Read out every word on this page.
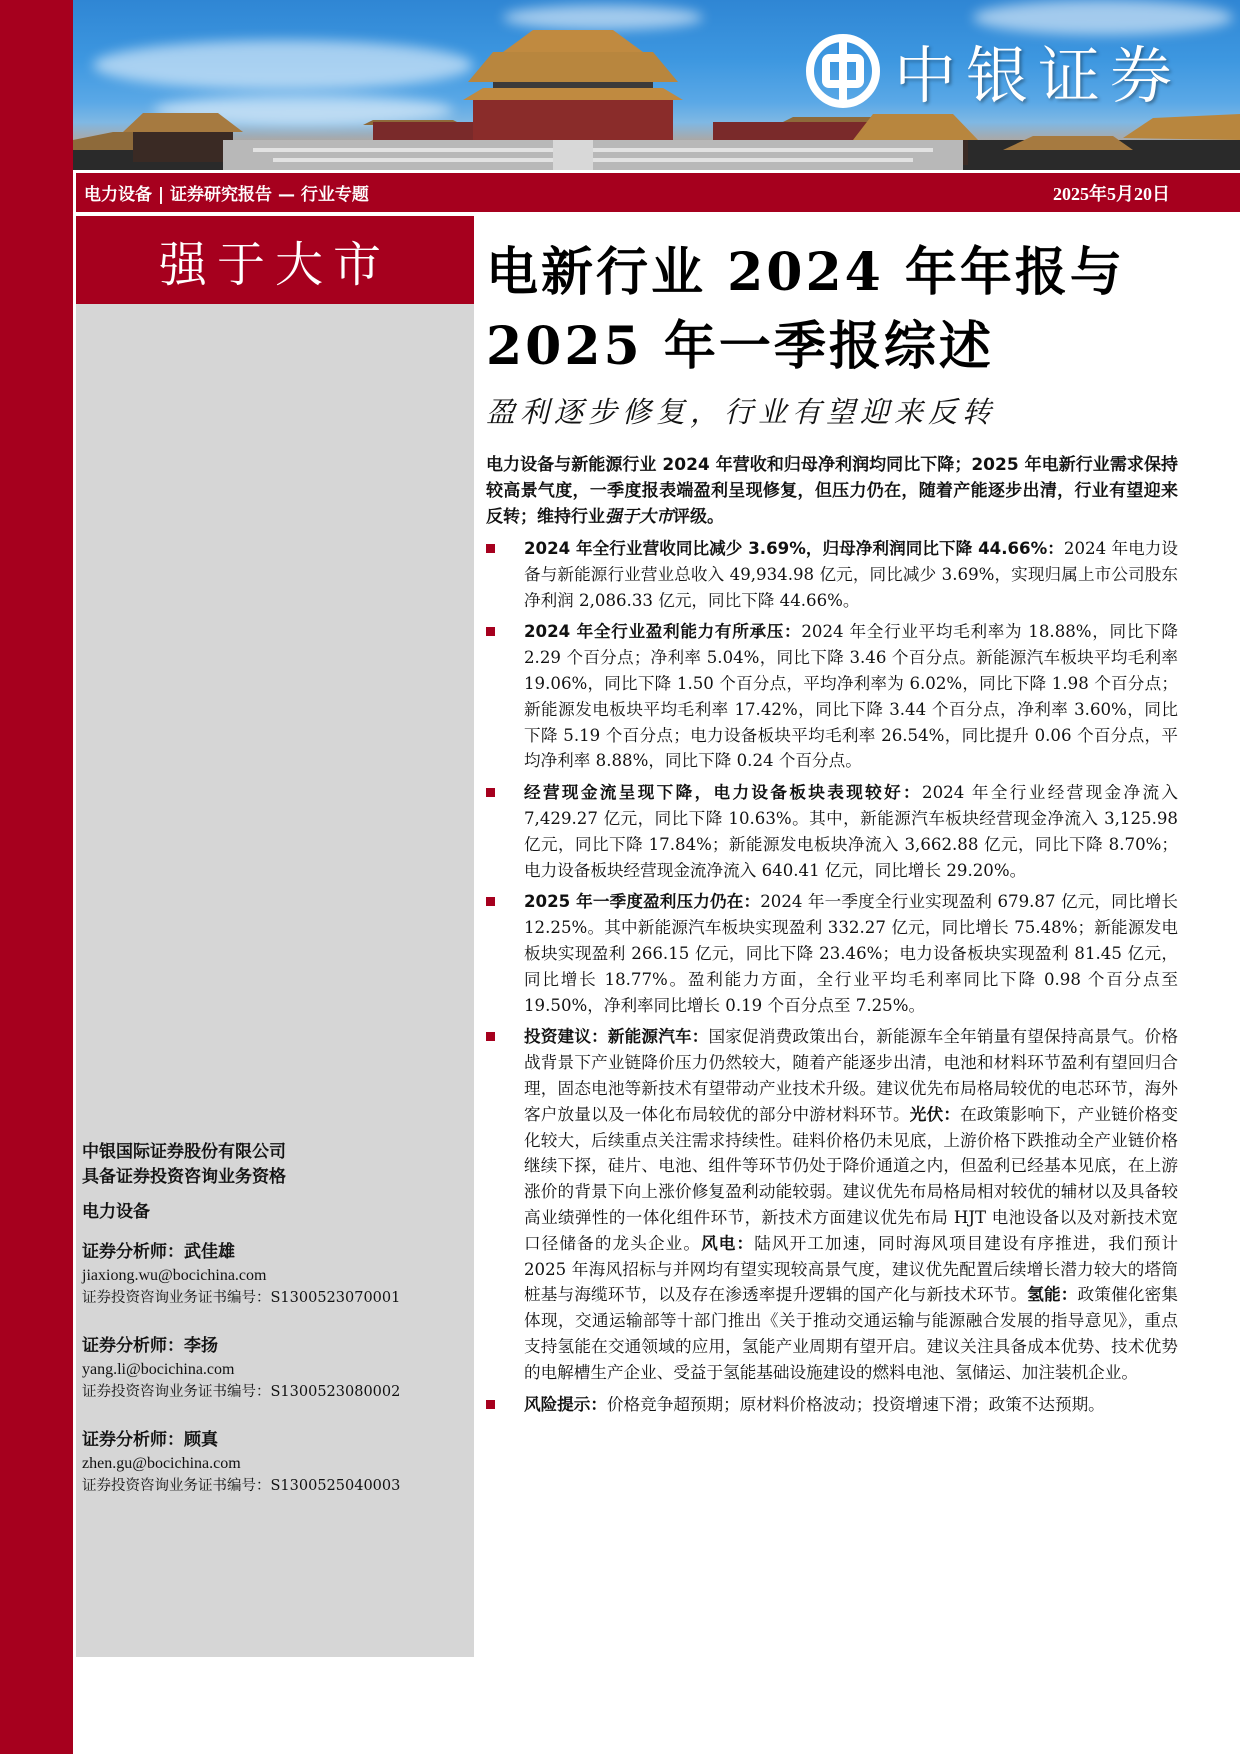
中银证券
电力设备 | 证券研究报告 — 行业专题	2025年5月20日
强于大市
中银国际证券股份有限公司
具备证券投资咨询业务资格
电力设备
证券分析师：武佳雄
jiaxiong.wu@bocichina.com
证券投资咨询业务证书编号：S1300523070001
证券分析师：李扬
yang.li@bocichina.com
证券投资咨询业务证书编号：S1300523080002
证券分析师：顾真
zhen.gu@bocichina.com
证券投资咨询业务证书编号：S1300525040003
电新行业 2024 年年报与
2025 年一季报综述
盈利逐步修复，行业有望迎来反转
电力设备与新能源行业 2024 年营收和归母净利润均同比下降；2025 年电新行业需求保持较高景气度，一季度报表端盈利呈现修复，但压力仍在，随着产能逐步出清，行业有望迎来反转；维持行业强于大市评级。
2024 年全行业营收同比减少 3.69%，归母净利润同比下降 44.66%：2024 年电力设备与新能源行业营业总收入 49,934.98 亿元，同比减少 3.69%，实现归属上市公司股东净利润 2,086.33 亿元，同比下降 44.66%。
2024 年全行业盈利能力有所承压：2024 年全行业平均毛利率为 18.88%，同比下降 2.29 个百分点；净利率 5.04%，同比下降 3.46 个百分点。新能源汽车板块平均毛利率 19.06%，同比下降 1.50 个百分点，平均净利率为 6.02%，同比下降 1.98 个百分点；新能源发电板块平均毛利率 17.42%，同比下降 3.44 个百分点，净利率 3.60%，同比下降 5.19 个百分点；电力设备板块平均毛利率 26.54%，同比提升 0.06 个百分点，平均净利率 8.88%，同比下降 0.24 个百分点。
经营现金流呈现下降，电力设备板块表现较好：2024 年全行业经营现金净流入 7,429.27 亿元，同比下降 10.63%。其中，新能源汽车板块经营现金净流入 3,125.98 亿元，同比下降 17.84%；新能源发电板块净流入 3,662.88 亿元，同比下降 8.70%；电力设备板块经营现金流净流入 640.41 亿元，同比增长 29.20%。
2025 年一季度盈利压力仍在：2024 年一季度全行业实现盈利 679.87 亿元，同比增长 12.25%。其中新能源汽车板块实现盈利 332.27 亿元，同比增长 75.48%；新能源发电板块实现盈利 266.15 亿元，同比下降 23.46%；电力设备板块实现盈利 81.45 亿元，同比增长 18.77%。盈利能力方面，全行业平均毛利率同比下降 0.98 个百分点至 19.50%，净利率同比增长 0.19 个百分点至 7.25%。
投资建议：新能源汽车：国家促消费政策出台，新能源车全年销量有望保持高景气。价格战背景下产业链降价压力仍然较大，随着产能逐步出清，电池和材料环节盈利有望回归合理，固态电池等新技术有望带动产业技术升级。建议优先布局格局较优的电芯环节，海外客户放量以及一体化布局较优的部分中游材料环节。光伏：在政策影响下，产业链价格变化较大，后续重点关注需求持续性。硅料价格仍未见底，上游价格下跌推动全产业链价格继续下探，硅片、电池、组件等环节仍处于降价通道之内，但盈利已经基本见底，在上游涨价的背景下向上涨价修复盈利动能较弱。建议优先布局格局相对较优的辅材以及具备较高业绩弹性的一体化组件环节，新技术方面建议优先布局 HJT 电池设备以及对新技术宽口径储备的龙头企业。风电：陆风开工加速，同时海风项目建设有序推进，我们预计 2025 年海风招标与并网均有望实现较高景气度，建议优先配置后续增长潜力较大的塔筒桩基与海缆环节，以及存在渗透率提升逻辑的国产化与新技术环节。氢能：政策催化密集体现，交通运输部等十部门推出《关于推动交通运输与能源融合发展的指导意见》，重点支持氢能在交通领域的应用，氢能产业周期有望开启。建议关注具备成本优势、技术优势的电解槽生产企业、受益于氢能基础设施建设的燃料电池、氢储运、加注装机企业。
风险提示：价格竞争超预期；原材料价格波动；投资增速下滑；政策不达预期。
